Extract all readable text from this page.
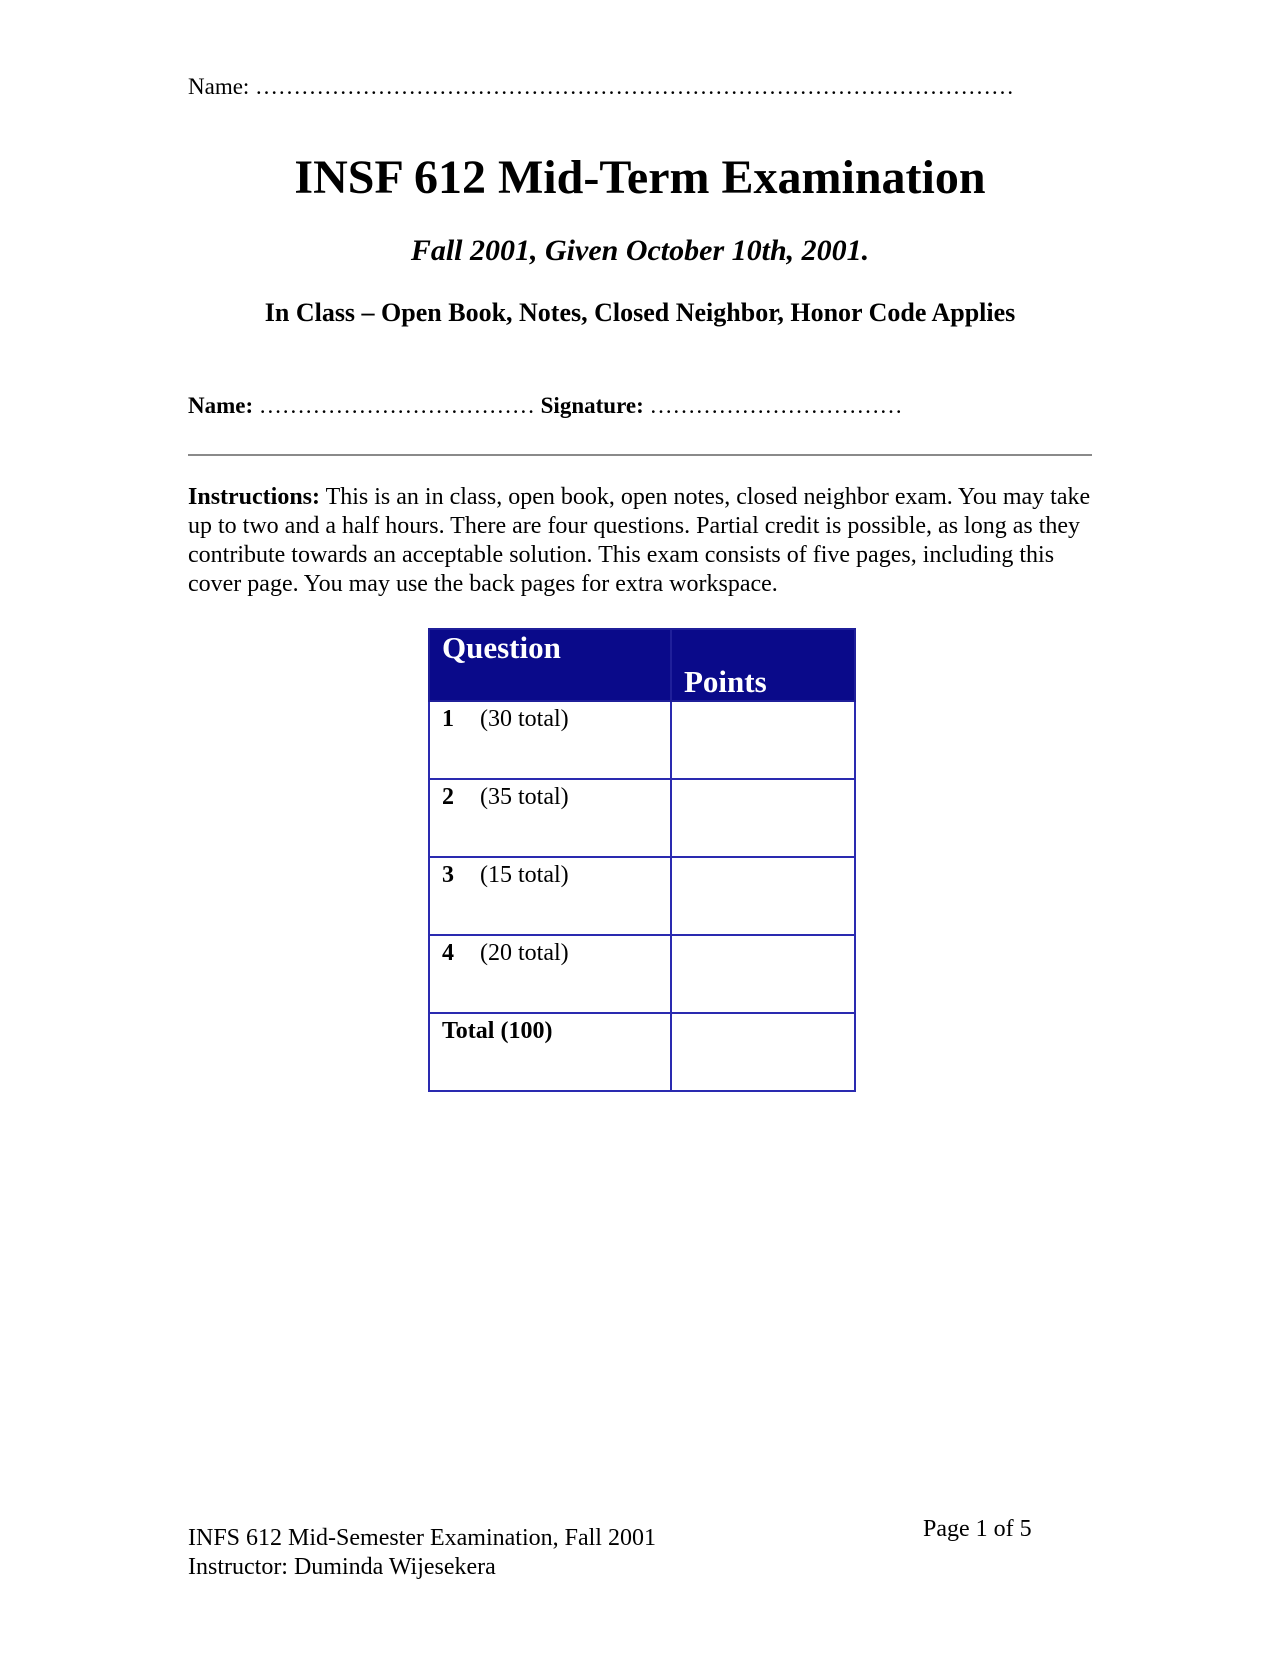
Name: ………………………………………………………………………………………
INSF 612 Mid-Term Examination
Fall 2001, Given October 10th, 2001.
In Class – Open Book, Notes, Closed Neighbor, Honor Code Applies
Name: ……………………………… Signature: ……………………………
Instructions: This is an in class, open book, open notes, closed neighbor exam. You may take up to two and a half hours. There are four questions. Partial credit is possible, as long as they contribute towards an acceptable solution. This exam consists of five pages, including this cover page. You may use the back pages for extra workspace.
Question	Points
1 (30 total)	
2 (35 total)	
3 (15 total)	
4 (20 total)	
Total (100)	
INFS 612 Mid-Semester Examination, Fall 2001
Instructor: Duminda Wijesekera
Page 1 of 5
